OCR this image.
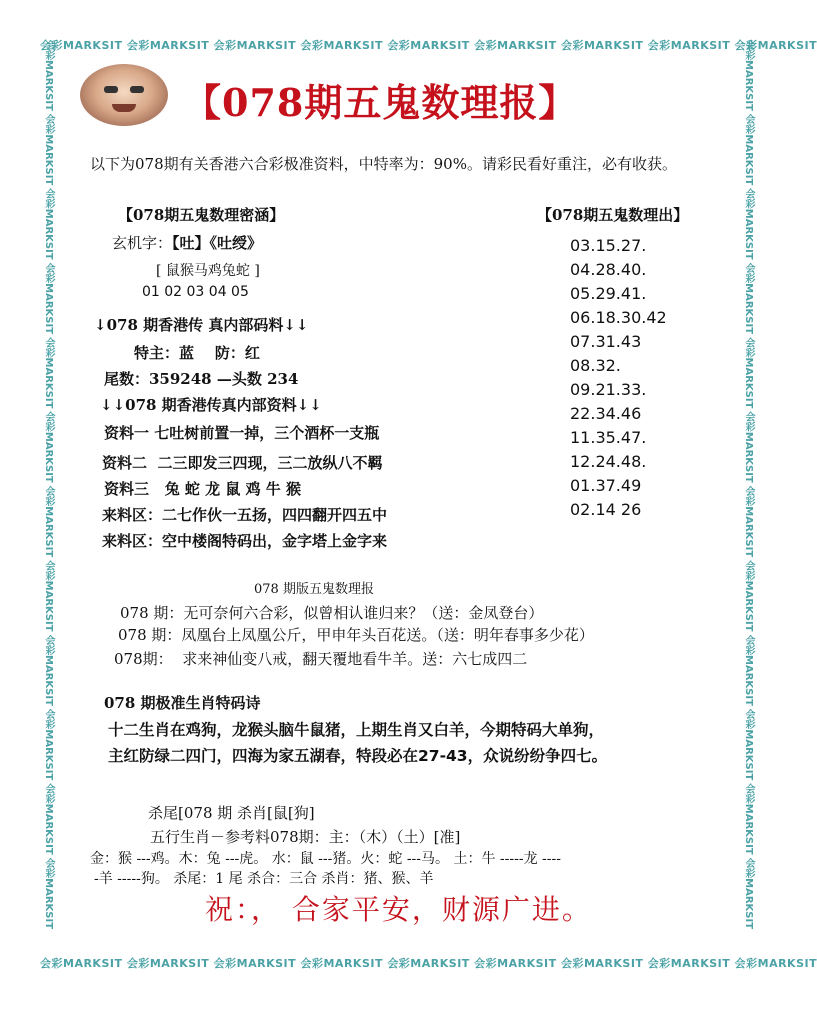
会彩MARKSIT 会彩MARKSIT 会彩MARKSIT 会彩MARKSIT 会彩MARKSIT 会彩MARKSIT 会彩MARKSIT 会彩MARKSIT 会彩MARKSIT
会彩MARKSIT 会彩MARKSIT 会彩MARKSIT 会彩MARKSIT 会彩MARKSIT 会彩MARKSIT 会彩MARKSIT 会彩MARKSIT 会彩MARKSIT
会彩MARKSIT 会彩MARKSIT 会彩MARKSIT 会彩MARKSIT 会彩MARKSIT 会彩MARKSIT 会彩MARKSIT 会彩MARKSIT 会彩MARKSIT 会彩MARKSIT 会彩MARKSIT 会彩MARKSIT
会彩MARKSIT 会彩MARKSIT 会彩MARKSIT 会彩MARKSIT 会彩MARKSIT 会彩MARKSIT 会彩MARKSIT 会彩MARKSIT 会彩MARKSIT 会彩MARKSIT 会彩MARKSIT 会彩MARKSIT
【078期五鬼数理报】
以下为078期有关香港六合彩极准资料，中特率为：90%。请彩民看好重注，必有收获。
【078期五鬼数理密涵】
玄机字：【吐】《吐绶》
[ 鼠猴马鸡兔蛇 ]
01 02 03 04 05
↓078 期香港传 真内部码料↓↓
特主：蓝 防：红
尾数：359248 —头数 234
↓↓078 期香港传真内部资料↓↓
资料一 七吐树前置一掉，三个酒杯一支瓶
资料二 二三即发三四现，三二放纵八不羁
资料三 兔 蛇 龙 鼠 鸡 牛 猴
来料区：二七作伙一五扬，四四翻开四五中
来料区：空中楼阁特码出，金字塔上金字来
【078期五鬼数理出】
03.15.27.
04.28.40.
05.29.41.
06.18.30.42
07.31.43
08.32.
09.21.33.
22.34.46
11.35.47.
12.24.48.
01.37.49
02.14 26
078 期版五鬼数理报
078 期：无可奈何六合彩，似曾相认谁归来？（送：金凤登台）
078 期：凤凰台上凤凰公斤，甲申年头百花送。（送：明年春事多少花）
078期： 求来神仙变八戒，翻天覆地看牛羊。送：六七成四二
078 期极准生肖特码诗
十二生肖在鸡狗，龙猴头脑牛鼠猪，上期生肖又白羊，今期特码大单狗，
主红防绿二四门，四海为家五湖春，特段必在27-43，众说纷纷争四七。
杀尾[078 期 杀肖[鼠[狗]
五行生肖－参考料078期：主：（木）（土）[准]
金：猴 ---鸡。木：兔 ---虎。 水：鼠 ---猪。火：蛇 ---马。 土：牛 -----龙 ----
-羊 -----狗。 杀尾：1 尾 杀合：三合 杀肖：猪、猴、羊
祝：， 合家平安，财源广进。
